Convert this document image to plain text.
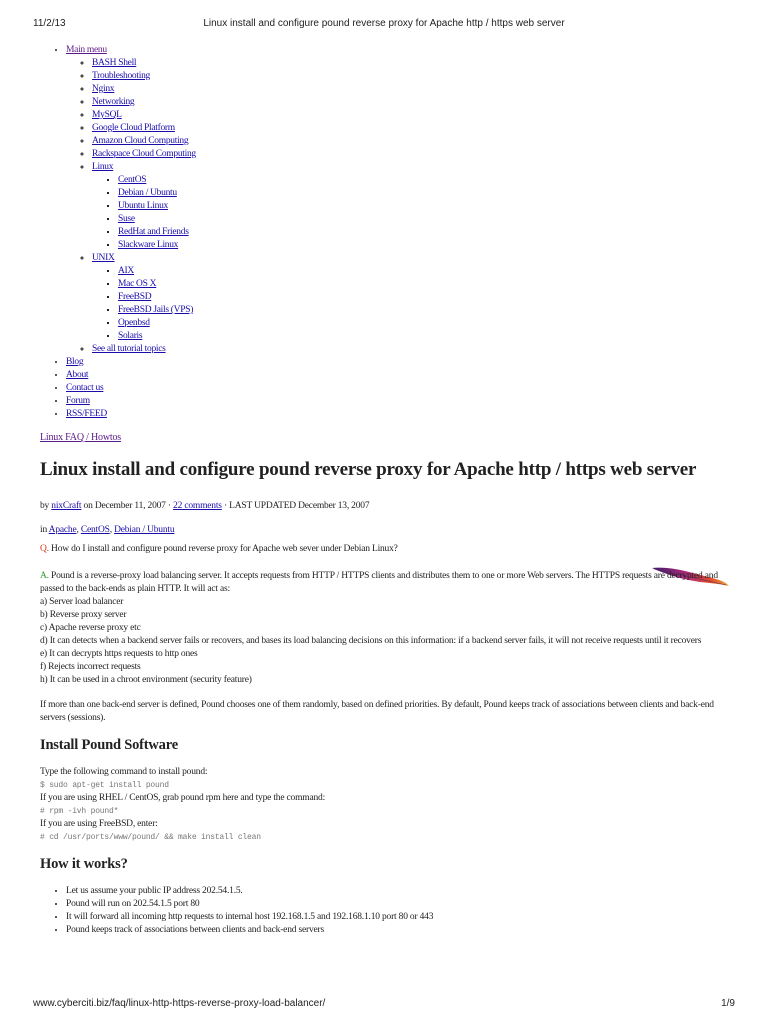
11/2/13	Linux install and configure pound reverse proxy for Apache http / https web server
• Main menu
◦ BASH Shell
◦ Troubleshooting
◦ Nginx
◦ Networking
◦ MySQL
◦ Google Cloud Platform
◦ Amazon Cloud Computing
◦ Rackspace Cloud Computing
◦ Linux
▪ CentOS
▪ Debian / Ubuntu
▪ Ubuntu Linux
▪ Suse
▪ RedHat and Friends
▪ Slackware Linux
◦ UNIX
▪ AIX
▪ Mac OS X
▪ FreeBSD
▪ FreeBSD Jails (VPS)
▪ Openbsd
▪ Solaris
◦ See all tutorial topics
• Blog
• About
• Contact us
• Forum
• RSS/FEED
Linux FAQ / Howtos
Linux install and configure pound reverse proxy for Apache http / https web server
by nixCraft on December 11, 2007 · 22 comments · LAST UPDATED December 13, 2007
in Apache, CentOS, Debian / Ubuntu

Q. How do I install and configure pound reverse proxy for Apache web sever under Debian Linux?

A. Pound is a reverse-proxy load balancing server. It accepts requests from HTTP / HTTPS clients and distributes them to one or more Web servers. The HTTPS requests are decrypted and passed to the back-ends as plain HTTP. It will act as:
a) Server load balancer
b) Reverse proxy server
c) Apache reverse proxy etc
d) It can detects when a backend server fails or recovers, and bases its load balancing decisions on this information: if a backend server fails, it will not receive requests until it recovers
e) It can decrypts https requests to http ones
f) Rejects incorrect requests
h) It can be used in a chroot environment (security feature)

If more than one back-end server is defined, Pound chooses one of them randomly, based on defined priorities. By default, Pound keeps track of associations between clients and back-end servers (sessions).

Install Pound Software
Type the following command to install pound:
$ sudo apt-get install pound
If you are using RHEL / CentOS, grab pound rpm here and type the command:
# rpm -ivh pound*
If you are using FreeBSD, enter:
# cd /usr/ports/www/pound/ && make install clean
How it works?
• Let us assume your public IP address 202.54.1.5.
• Pound will run on 202.54.1.5 port 80
• It will forward all incoming http requests to internal host 192.168.1.5 and 192.168.1.10 port 80 or 443
• Pound keeps track of associations between clients and back-end servers
www.cyberciti.biz/faq/linux-http-https-reverse-proxy-load-balancer/	1/9
